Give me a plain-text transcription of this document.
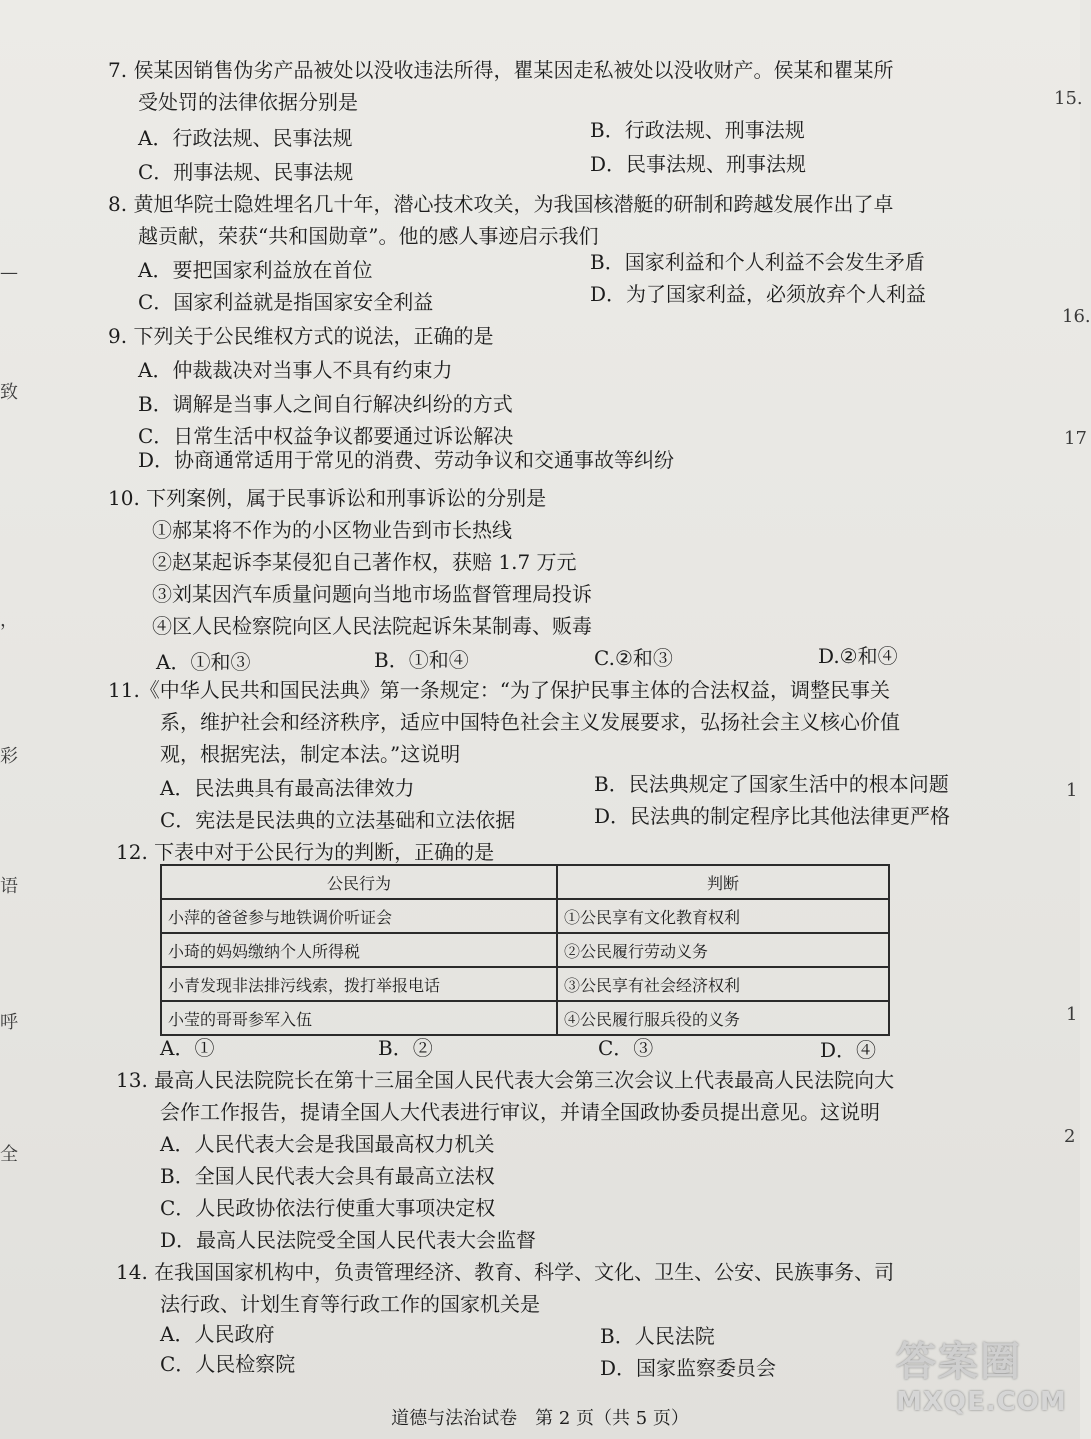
7. 侯某因销售伪劣产品被处以没收违法所得，瞿某因走私被处以没收财产。侯某和瞿某所
受处罚的法律依据分别是
A．行政法规、民事法规	B．行政法规、刑事法规
C．刑事法规、民事法规	D．民事法规、刑事法规
8. 黄旭华院士隐姓埋名几十年，潜心技术攻关，为我国核潜艇的研制和跨越发展作出了卓
越贡献，荣获“共和国勋章”。他的感人事迹启示我们
A．要把国家利益放在首位	B．国家利益和个人利益不会发生矛盾
C．国家利益就是指国家安全利益	D．为了国家利益，必须放弃个人利益
9. 下列关于公民维权方式的说法，正确的是
A．仲裁裁决对当事人不具有约束力
B．调解是当事人之间自行解决纠纷的方式
C．日常生活中权益争议都要通过诉讼解决
D．协商通常适用于常见的消费、劳动争议和交通事故等纠纷
10. 下列案例，属于民事诉讼和刑事诉讼的分别是
①郝某将不作为的小区物业告到市长热线
②赵某起诉李某侵犯自己著作权，获赔 1.7 万元
③刘某因汽车质量问题向当地市场监督管理局投诉
④区人民检察院向区人民法院起诉朱某制毒、贩毒
A．①和③	B．①和④	C.②和③	D.②和④
11.《中华人民共和国民法典》第一条规定：“为了保护民事主体的合法权益，调整民事关
系，维护社会和经济秩序，适应中国特色社会主义发展要求，弘扬社会主义核心价值
观，根据宪法，制定本法。”这说明
A．民法典具有最高法律效力	B．民法典规定了国家生活中的根本问题
C．宪法是民法典的立法基础和立法依据	D．民法典的制定程序比其他法律更严格
12. 下表中对于公民行为的判断，正确的是
公民行为	判断
小萍的爸爸参与地铁调价听证会	①公民享有文化教育权利
小琦的妈妈缴纳个人所得税	②公民履行劳动义务
小青发现非法排污线索，拨打举报电话	③公民享有社会经济权利
小莹的哥哥参军入伍	④公民履行服兵役的义务
A．①	B．②	C．③	D．④
13. 最高人民法院院长在第十三届全国人民代表大会第三次会议上代表最高人民法院向大
会作工作报告，提请全国人大代表进行审议，并请全国政协委员提出意见。这说明
A．人民代表大会是我国最高权力机关
B．全国人民代表大会具有最高立法权
C．人民政协依法行使重大事项决定权
D．最高人民法院受全国人民代表大会监督
14. 在我国国家机构中，负责管理经济、教育、科学、文化、卫生、公安、民族事务、司
法行政、计划生育等行政工作的国家机关是
A．人民政府	B．人民法院
C．人民检察院	D．国家监察委员会
15.
16.
17
1
1
2
—
致
，
彩
语
呼
全
道德与法治试卷　第 2 页（共 5 页）
答案圈
MXQE.COM
